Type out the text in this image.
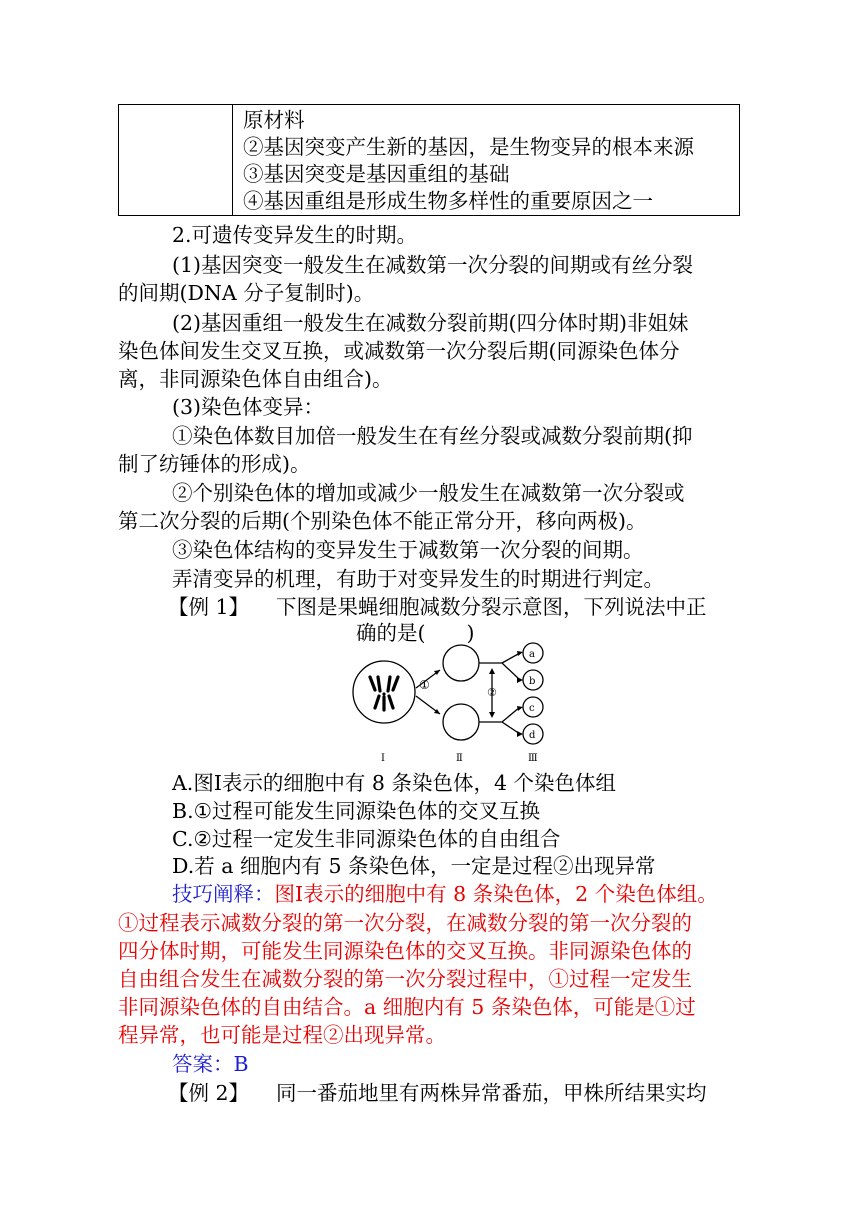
原材料
②基因突变产生新的基因，是生物变异的根本来源
③基因突变是基因重组的基础
④基因重组是形成生物多样性的重要原因之一
2.可遗传变异发生的时期。
(1)基因突变一般发生在减数第一次分裂的间期或有丝分裂
的间期(DNA 分子复制时)。
(2)基因重组一般发生在减数分裂前期(四分体时期)非姐妹
染色体间发生交叉互换，或减数第一次分裂后期(同源染色体分
离，非同源染色体自由组合)。
(3)染色体变异：
①染色体数目加倍一般发生在有丝分裂或减数分裂前期(抑
制了纺锤体的形成)。
②个别染色体的增加或减少一般发生在减数第一次分裂或
第二次分裂的后期(个别染色体不能正常分开，移向两极)。
③染色体结构的变异发生于减数第一次分裂的间期。
弄清变异的机理，有助于对变异发生的时期进行判定。
【例 1】 下图是果蝇细胞减数分裂示意图，下列说法中正
确的是(　　)
①
②
a
b
c
d
Ⅰ	Ⅱ	Ⅲ
A.图Ⅰ表示的细胞中有 8 条染色体，4 个染色体组
B.①过程可能发生同源染色体的交叉互换
C.②过程一定发生非同源染色体的自由组合
D.若 a 细胞内有 5 条染色体，一定是过程②出现异常
技巧阐释：图Ⅰ表示的细胞中有 8 条染色体，2 个染色体组。
①过程表示减数分裂的第一次分裂，在减数分裂的第一次分裂的
四分体时期，可能发生同源染色体的交叉互换。非同源染色体的
自由组合发生在减数分裂的第一次分裂过程中，①过程一定发生
非同源染色体的自由结合。a 细胞内有 5 条染色体，可能是①过
程异常，也可能是过程②出现异常。
答案：B
【例 2】 同一番茄地里有两株异常番茄，甲株所结果实均
